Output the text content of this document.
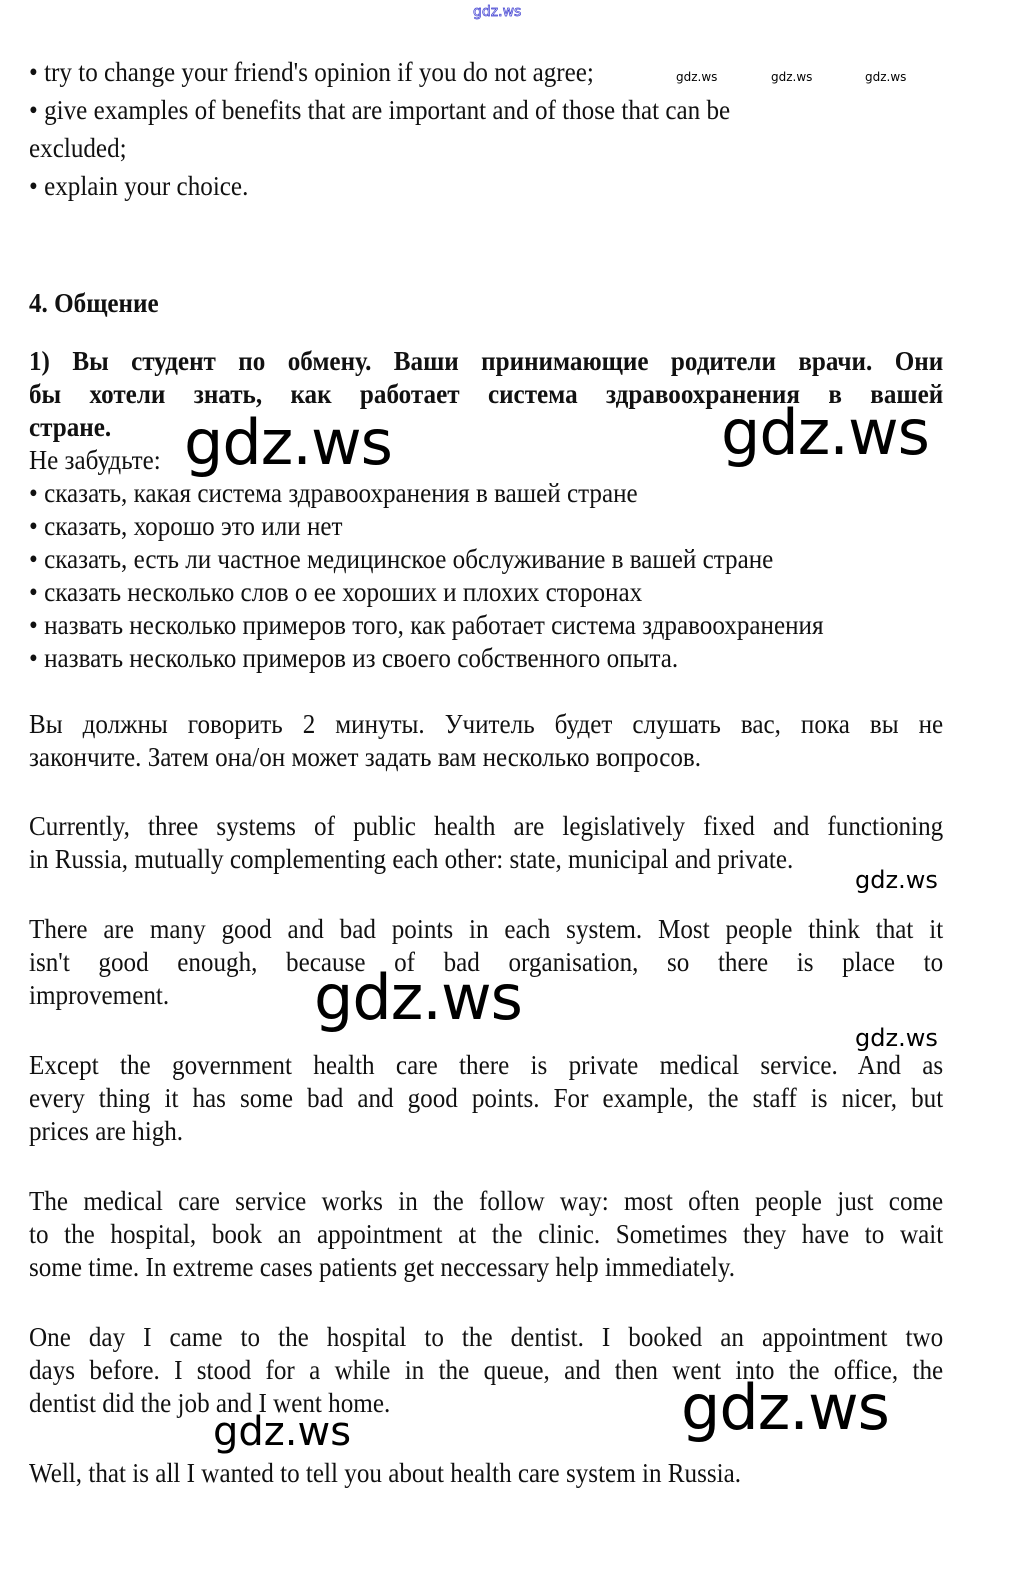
gdz.ws
• try to change your friend's opinion if you do not agree;
• give examples of benefits that are important and of those that can be
excluded;
• explain your choice.
4. Общение
1) Вы студент по обмену. Ваши принимающие родители врачи. Они
бы хотели знать, как работает система здравоохранения в вашей
стране.
Не забудьте:
• сказать, какая система здравоохранения в вашей стране
• сказать, хорошо это или нет
• сказать, есть ли частное медицинское обслуживание в вашей стране
• сказать несколько слов о ее хороших и плохих сторонах
• назвать несколько примеров того, как работает система здравоохранения
• назвать несколько примеров из своего собственного опыта.
Вы должны говорить 2 минуты. Учитель будет слушать вас, пока вы не
закончите. Затем она/он может задать вам несколько вопросов.
Currently, three systems of public health are legislatively fixed and functioning
in Russia, mutually complementing each other: state, municipal and private.
There are many good and bad points in each system. Most people think that it
isn't good enough, because of bad organisation, so there is place to
improvement.
Except the government health care there is private medical service. And as
every thing it has some bad and good points. For example, the staff is nicer, but
prices are high.
The medical care service works in the follow way: most often people just come
to the hospital, book an appointment at the clinic. Sometimes they have to wait
some time. In extreme cases patients get neccessary help immediately.
One day I came to the hospital to the dentist. I booked an appointment two
days before. I stood for a while in the queue, and then went into the office, the
dentist did the job and I went home.
Well, that is all I wanted to tell you about health care system in Russia.
gdz.ws	gdz.ws	gdz.ws
gdz.ws	gdz.ws
gdz.ws
gdz.ws
gdz.ws
gdz.ws
gdz.ws
